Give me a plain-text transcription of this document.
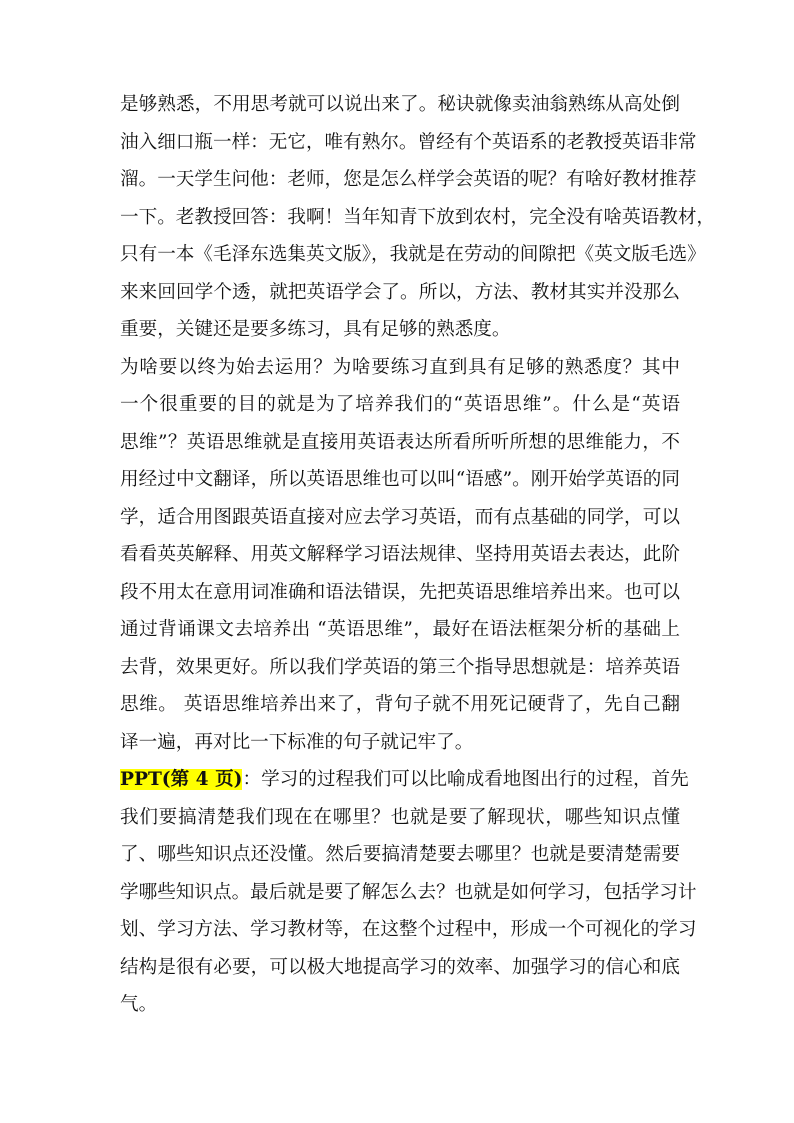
是够熟悉，不用思考就可以说出来了。秘诀就像卖油翁熟练从高处倒
油入细口瓶一样：无它，唯有熟尔。曾经有个英语系的老教授英语非常
溜。一天学生问他：老师，您是怎么样学会英语的呢？有啥好教材推荐
一下。老教授回答：我啊！当年知青下放到农村，完全没有啥英语教材，
只有一本《毛泽东选集英文版》，我就是在劳动的间隙把《英文版毛选》
来来回回学个透，就把英语学会了。所以，方法、教材其实并没那么
重要，关键还是要多练习，具有足够的熟悉度。
为啥要以终为始去运用？为啥要练习直到具有足够的熟悉度？其中
一个很重要的目的就是为了培养我们的“英语思维”。什么是“英语
思维”？英语思维就是直接用英语表达所看所听所想的思维能力，不
用经过中文翻译，所以英语思维也可以叫“语感”。刚开始学英语的同
学，适合用图跟英语直接对应去学习英语，而有点基础的同学，可以
看看英英解释、用英文解释学习语法规律、坚持用英语去表达，此阶
段不用太在意用词准确和语法错误，先把英语思维培养出来。也可以
通过背诵课文去培养出 “英语思维”，最好在语法框架分析的基础上
去背，效果更好。所以我们学英语的第三个指导思想就是：培养英语
思维。 英语思维培养出来了，背句子就不用死记硬背了，先自己翻
译一遍，再对比一下标准的句子就记牢了。
PPT(第 4 页)：学习的过程我们可以比喻成看地图出行的过程，首先
我们要搞清楚我们现在在哪里？也就是要了解现状，哪些知识点懂
了、哪些知识点还没懂。然后要搞清楚要去哪里？也就是要清楚需要
学哪些知识点。最后就是要了解怎么去？也就是如何学习，包括学习计
划、学习方法、学习教材等，在这整个过程中，形成一个可视化的学习
结构是很有必要，可以极大地提高学习的效率、加强学习的信心和底
气。
